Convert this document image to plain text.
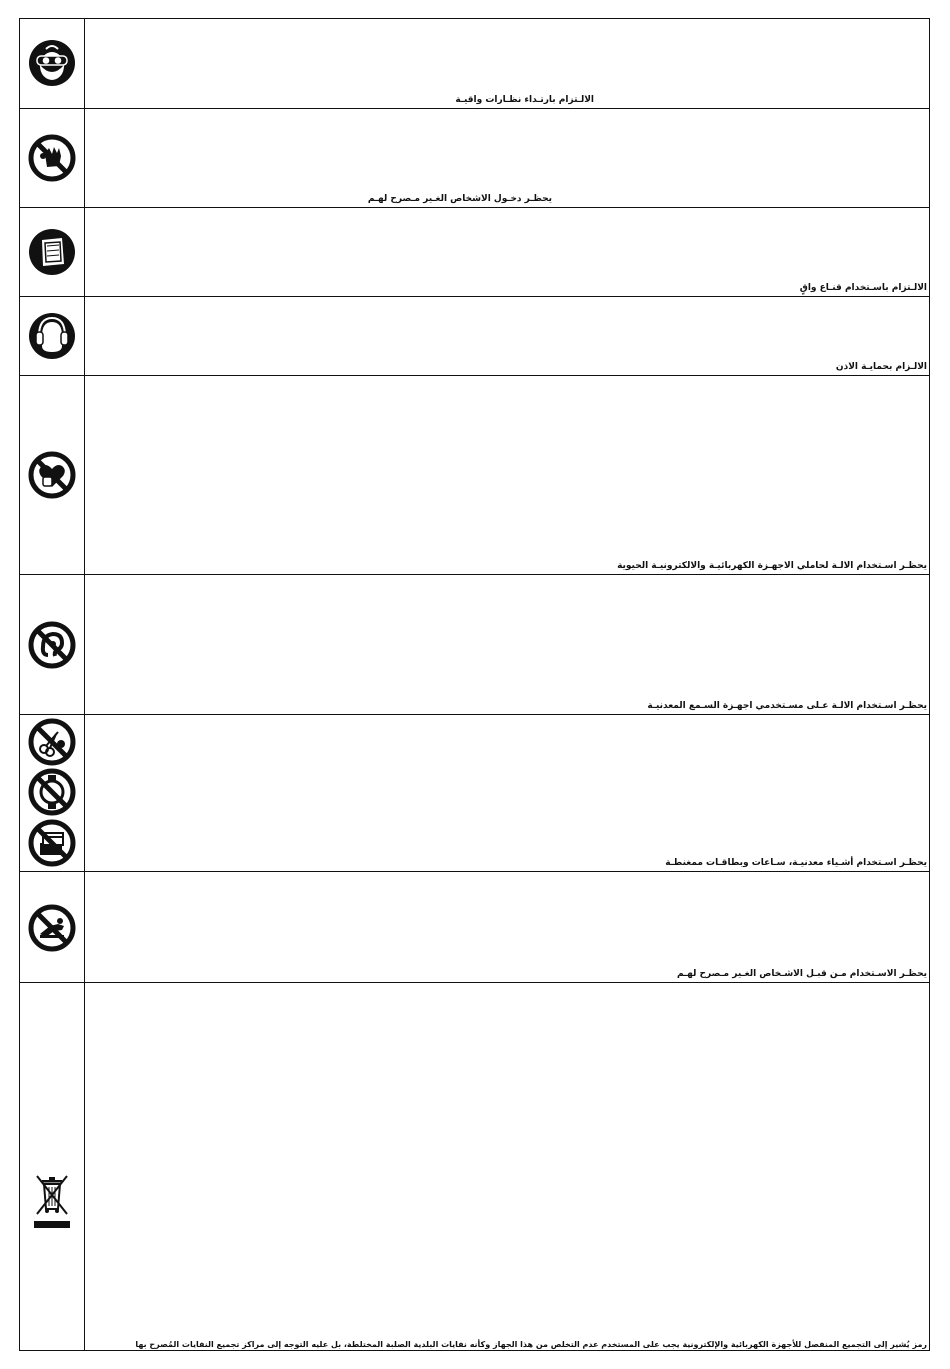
الالـتزام بارتـداء نظـارات واقيـة
يحظـر دخـول الاشخاص الغـير مـصرح لهـم
الالـتزام باسـتخدام قنـاع واقٍ
الالـزام بحمايـة الاذن
يحظـر اسـتخدام الالـة لحاملي الاجهـزة الكهربائيـة والالكترونيـة الحيوية
يحظـر اسـتخدام الالـة عـلى مسـتخدمي اجهـزة السـمع المعدنيـة
يحظـر اسـتخدام أشـياء معدنيـة، سـاعات وبطاقـات ممغنطـة
يحظـر الاسـتخدام مـن قبـل الاشـخاص الغـير مـصرح لهـم
رمز يُشير إلى التجميع المنفصل للأجهزة الكهربائية والإلكترونية يجب على المستخدم عدم التخلص من هذا الجهاز وكأنه نفايات البلدية الصلبة المختلطة، بل عليه التوجه إلى مراكز تجميع النفايات المُصرح بها
